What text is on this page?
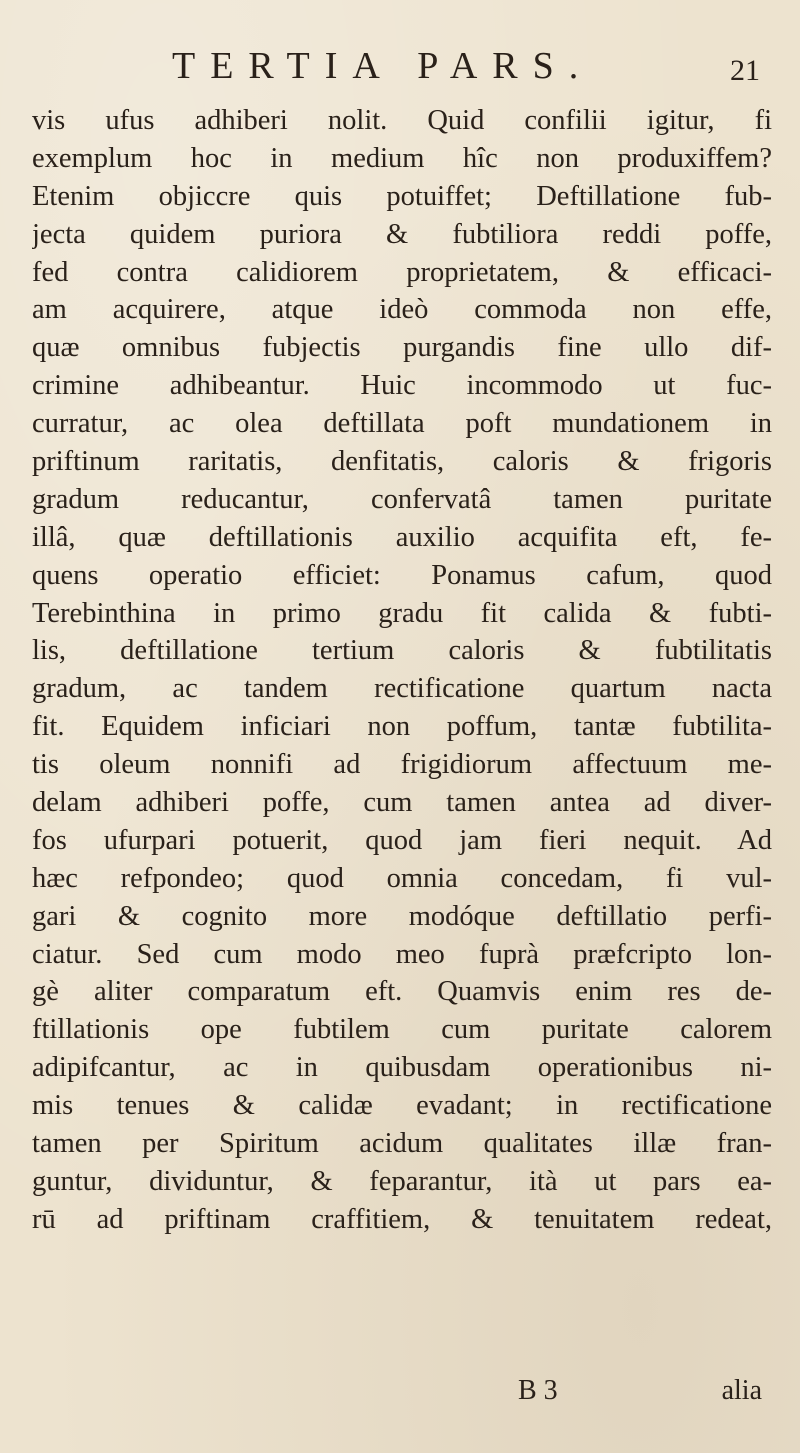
TERTIA PARS.	21
vis ufus adhiberi nolit. Quid confilii igitur, fi
exemplum hoc in medium hîc non produxiffem?
Etenim objiccre quis potuiffet; Deftillatione fub-
jecta quidem puriora & fubtiliora reddi poffe,
fed contra calidiorem proprietatem, & efficaci-
am acquirere, atque ideò commoda non effe,
quæ omnibus fubjectis purgandis fine ullo dif-
crimine adhibeantur. Huic incommodo ut fuc-
curratur, ac olea deftillata poft mundationem in
priftinum raritatis, denfitatis, caloris & frigoris
gradum reducantur, confervatâ tamen puritate
illâ, quæ deftillationis auxilio acquifita eft, fe-
quens operatio efficiet: Ponamus cafum, quod
Terebinthina in primo gradu fit calida & fubti-
lis, deftillatione tertium caloris & fubtilitatis
gradum, ac tandem rectificatione quartum nacta
fit. Equidem inficiari non poffum, tantæ fubtilita-
tis oleum nonnifi ad frigidiorum affectuum me-
delam adhiberi poffe, cum tamen antea ad diver-
fos ufurpari potuerit, quod jam fieri nequit. Ad
hæc refpondeo; quod omnia concedam, fi vul-
gari & cognito more modóque deftillatio perfi-
ciatur. Sed cum modo meo fuprà præfcripto lon-
gè aliter comparatum eft. Quamvis enim res de-
ftillationis ope fubtilem cum puritate calorem
adipifcantur, ac in quibusdam operationibus ni-
mis tenues & calidæ evadant; in rectificatione
tamen per Spiritum acidum qualitates illæ fran-
guntur, dividuntur, & feparantur, ità ut pars ea-
rū ad priftinam craffitiem, & tenuitatem redeat,
B 3	alia
